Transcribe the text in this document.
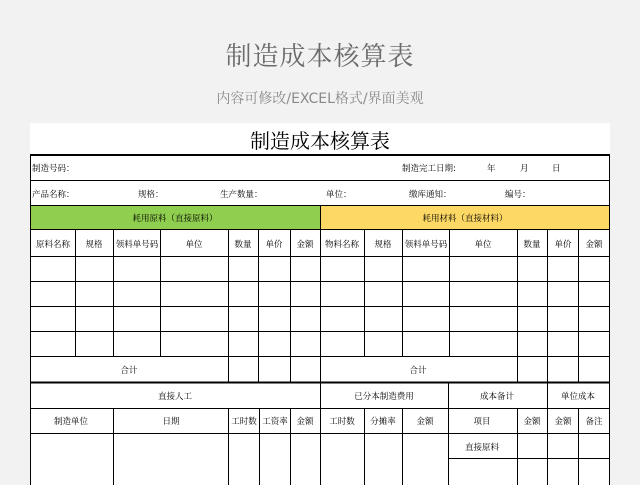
制造成本核算表
内容可修改/EXCEL格式/界面美观
制造成本核算表
制造号码：	制造完工日期:	年	月	日
产品名称：	规格：	生产数量：	单位：	缴库通知：	编号：
耗用原料（直接原料）	耗用材料（直接材料）
原料名称 规格 领料单号码	单位	数量 单价 金额 物料名称 规格 领料单号码	单位	数量 单价 金额
合计	合计
直接人工	已分本制造费用	成本备计	单位成本
制造单位	日期	工时数 工资率 金额 工时数 分摊率 金额	项目	金额 金额 备注
直接原料
